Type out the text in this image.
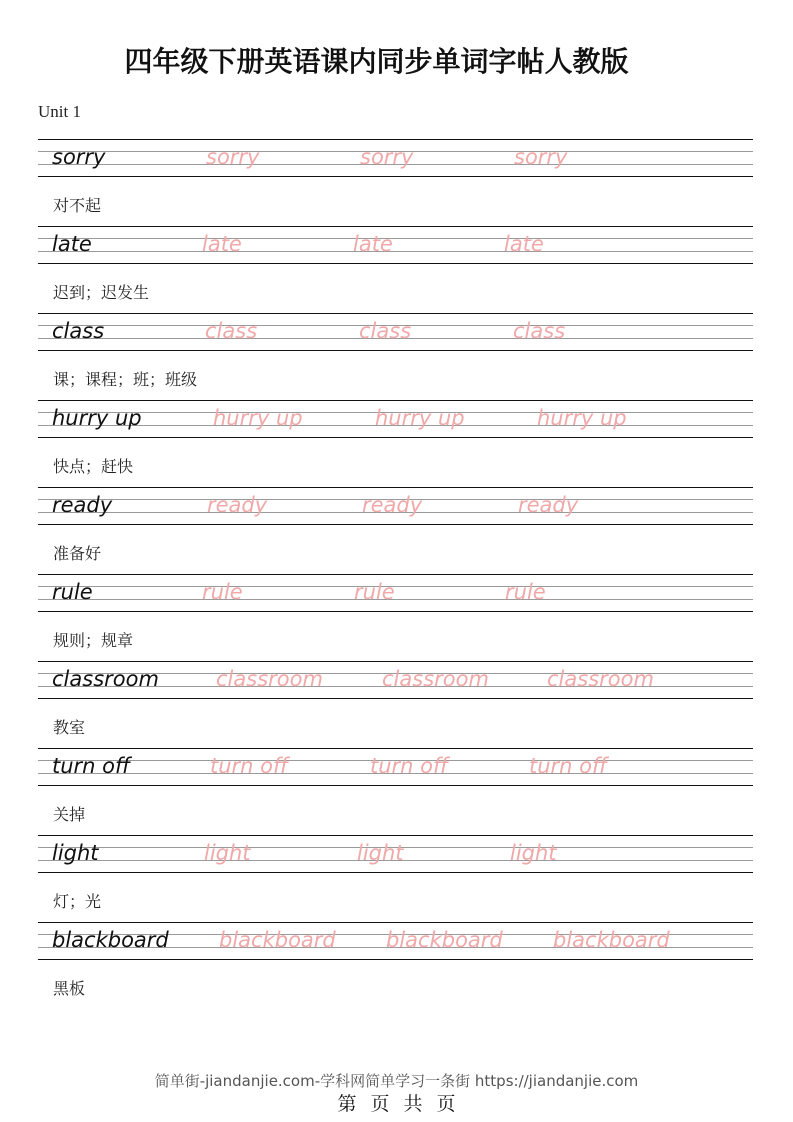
四年级下册英语课内同步单词字帖人教版
Unit 1
sorry	sorry	sorry	sorry
对不起
late	late	late	late
迟到；迟发生
class	class	class	class
课；课程；班；班级
hurry up	hurry up	hurry up	hurry up
快点；赶快
ready	ready	ready	ready
准备好
rule	rule	rule	rule
规则；规章
classroom	classroom	classroom	classroom
教室
turn off	turn off	turn off	turn off
关掉
light	light	light	light
灯；光
blackboard blackboard blackboard blackboard
黑板
简单街-jiandanjie.com-学科网简单学习一条街 https://jiandanjie.com
第 页 共 页
